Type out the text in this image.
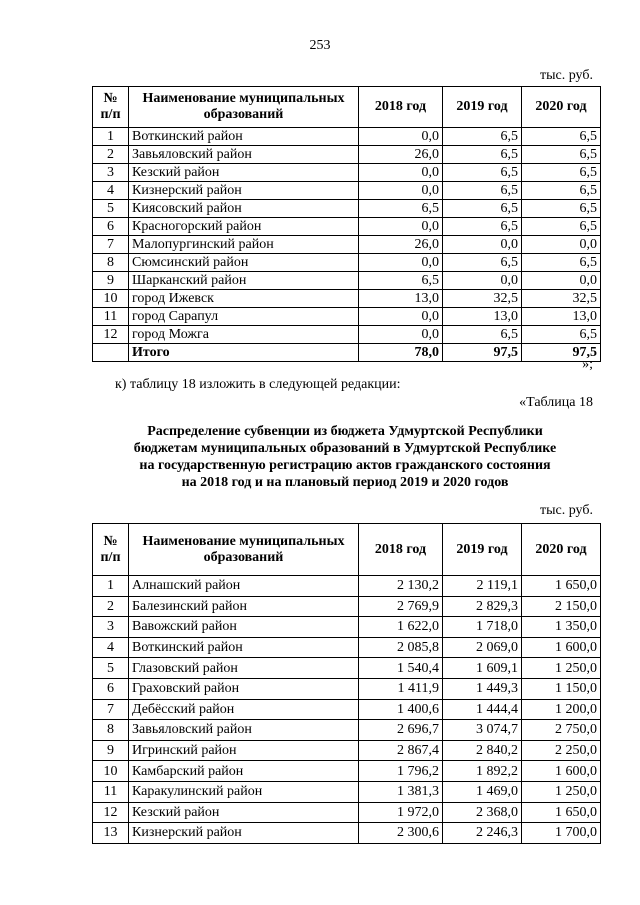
253
тыс. руб.
№ п/п	Наименование муниципальных образований	2018 год	2019 год	2020 год
1	Воткинский район	0,0	6,5	6,5
2	Завьяловский район	26,0	6,5	6,5
3	Кезский район	0,0	6,5	6,5
4	Кизнерский район	0,0	6,5	6,5
5	Киясовский район	6,5	6,5	6,5
6	Красногорский район	0,0	6,5	6,5
7	Малопургинский район	26,0	0,0	0,0
8	Сюмсинский район	0,0	6,5	6,5
9	Шарканский район	6,5	0,0	0,0
10	город Ижевск	13,0	32,5	32,5
11	город Сарапул	0,0	13,0	13,0
12	город Можга	0,0	6,5	6,5
	Итого	78,0	97,5	97,5
»;
к) таблицу 18 изложить в следующей редакции:
«Таблица 18
Распределение субвенции из бюджета Удмуртской Республики
бюджетам муниципальных образований в Удмуртской Республике
на государственную регистрацию актов гражданского состояния
на 2018 год и на плановый период 2019 и 2020 годов
тыс. руб.
№ п/п	Наименование муниципальных образований	2018 год	2019 год	2020 год
1	Алнашский район	2 130,2	2 119,1	1 650,0
2	Балезинский район	2 769,9	2 829,3	2 150,0
3	Вавожский район	1 622,0	1 718,0	1 350,0
4	Воткинский район	2 085,8	2 069,0	1 600,0
5	Глазовский район	1 540,4	1 609,1	1 250,0
6	Граховский район	1 411,9	1 449,3	1 150,0
7	Дебёсский район	1 400,6	1 444,4	1 200,0
8	Завьяловский район	2 696,7	3 074,7	2 750,0
9	Игринский район	2 867,4	2 840,2	2 250,0
10	Камбарский район	1 796,2	1 892,2	1 600,0
11	Каракулинский район	1 381,3	1 469,0	1 250,0
12	Кезский район	1 972,0	2 368,0	1 650,0
13	Кизнерский район	2 300,6	2 246,3	1 700,0
